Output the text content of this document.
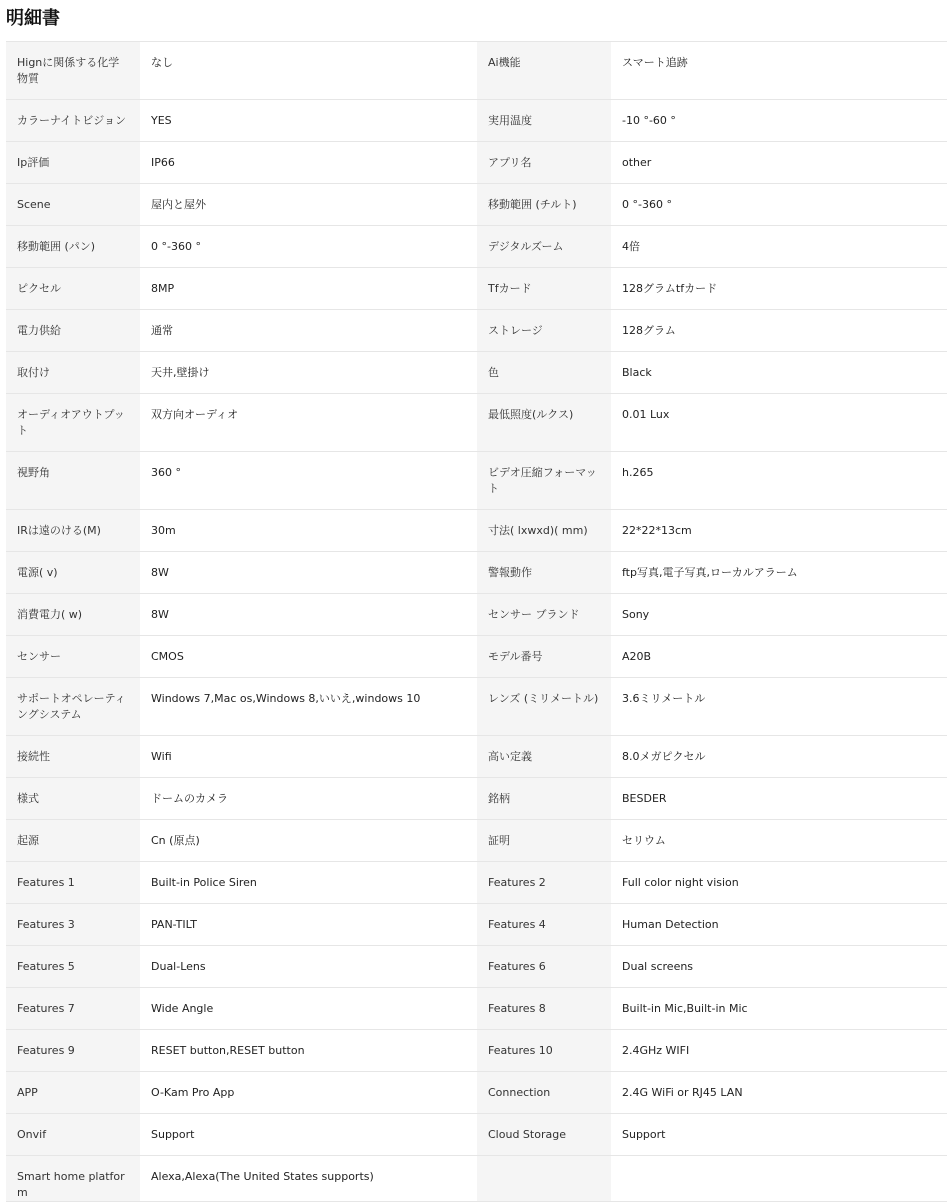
明細書
Hignに関係する化学物質	なし	Ai機能	スマート追跡
カラーナイトビジョン	YES	実用温度	-10 °-60 °
Ip評価	IP66	アプリ名	other
Scene	屋内と屋外	移動範囲 (チルト)	0 °-360 °
移動範囲 (パン)	0 °-360 °	デジタルズーム	4倍
ピクセル	8MP	Tfカード	128グラムtfカード
電力供給	通常	ストレージ	128グラム
取付け	天井,壁掛け	色	Black
オーディオアウトプット	双方向オーディオ	最低照度(ルクス)	0.01 Lux
視野角	360 °	ビデオ圧縮フォーマット	h.265
IRは遠のける(M)	30m	寸法( lxwxd)( mm)	22*22*13cm
電源( v)	8W	警報動作	ftp写真,電子写真,ローカルアラーム
消費電力( w)	8W	センサー ブランド	Sony
センサー	CMOS	モデル番号	A20B
サポートオペレーティングシステム	Windows 7,Mac os,Windows 8,いいえ,windows 10	レンズ (ミリメートル)	3.6ミリメートル
接続性	Wifi	高い定義	8.0メガピクセル
様式	ドームのカメラ	銘柄	BESDER
起源	Cn (原点)	証明	セリウム
Features 1	Built-in Police Siren	Features 2	Full color night vision
Features 3	PAN-TILT	Features 4	Human Detection
Features 5	Dual-Lens	Features 6	Dual screens
Features 7	Wide Angle	Features 8	Built-in Mic,Built-in Mic
Features 9	RESET button,RESET button	Features 10	2.4GHz WIFI
APP	O-Kam Pro App	Connection	2.4G WiFi or RJ45 LAN
Onvif	Support	Cloud Storage	Support
Smart home platform	Alexa,Alexa(The United States supports)		
